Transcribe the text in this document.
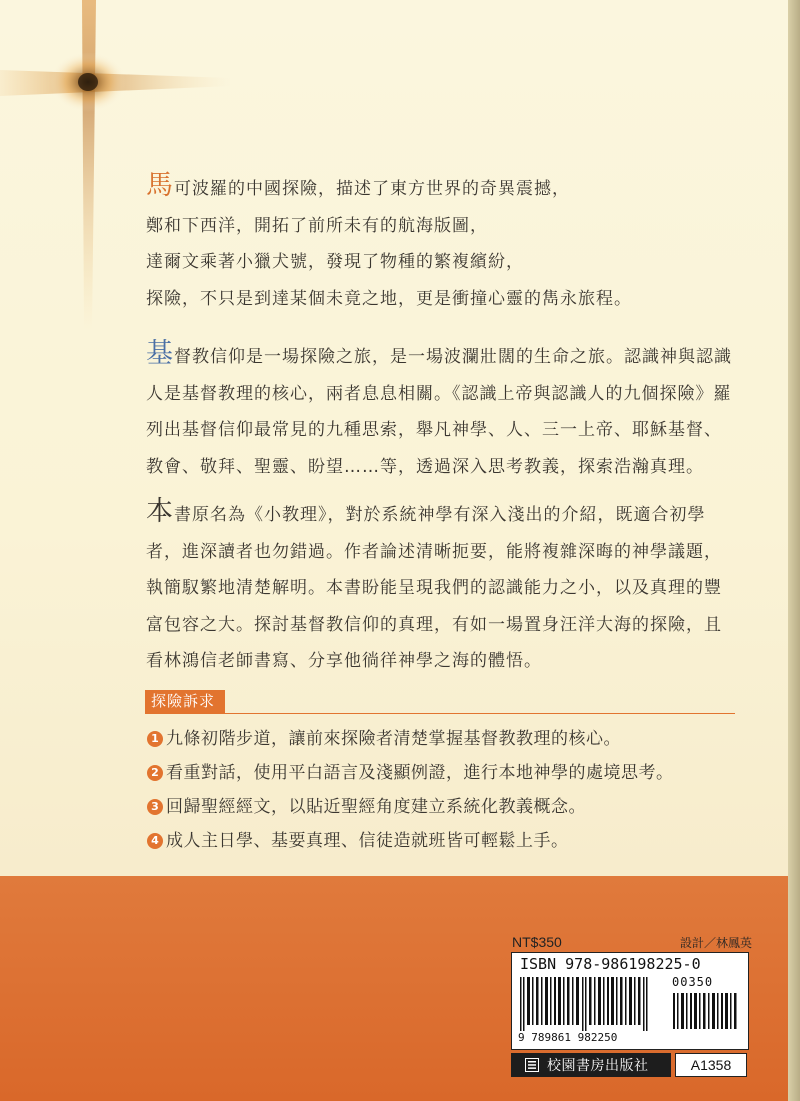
馬可波羅的中國探險，描述了東方世界的奇異震撼，
鄭和下西洋，開拓了前所未有的航海版圖，
達爾文乘著小獵犬號，發現了物種的繁複繽紛，
探險，不只是到達某個未竟之地，更是衝撞心靈的雋永旅程。
基督教信仰是一場探險之旅，是一場波瀾壯闊的生命之旅。認識神與認識
人是基督教理的核心，兩者息息相關。《認識上帝與認識人的九個探險》羅
列出基督信仰最常見的九種思索，舉凡神學、人、三一上帝、耶穌基督、
教會、敬拜、聖靈、盼望……等，透過深入思考教義，探索浩瀚真理。
本書原名為《小教理》，對於系統神學有深入淺出的介紹，既適合初學
者，進深讀者也勿錯過。作者論述清晰扼要，能將複雜深晦的神學議題，
執簡馭繁地清楚解明。本書盼能呈現我們的認識能力之小，以及真理的豐
富包容之大。探討基督教信仰的真理，有如一場置身汪洋大海的探險，且
看林鴻信老師書寫、分享他徜徉神學之海的體悟。
探險訴求
1 九條初階步道，讓前來探險者清楚掌握基督教教理的核心。
2 看重對話，使用平白語言及淺顯例證，進行本地神學的處境思考。
3 回歸聖經經文，以貼近聖經角度建立系統化教義概念。
4 成人主日學、基要真理、信徒造就班皆可輕鬆上手。
NT$350	設計／林鳳英
ISBN 978-986198225-0
00350
9 789861 982250
校園書房出版社	A1358
